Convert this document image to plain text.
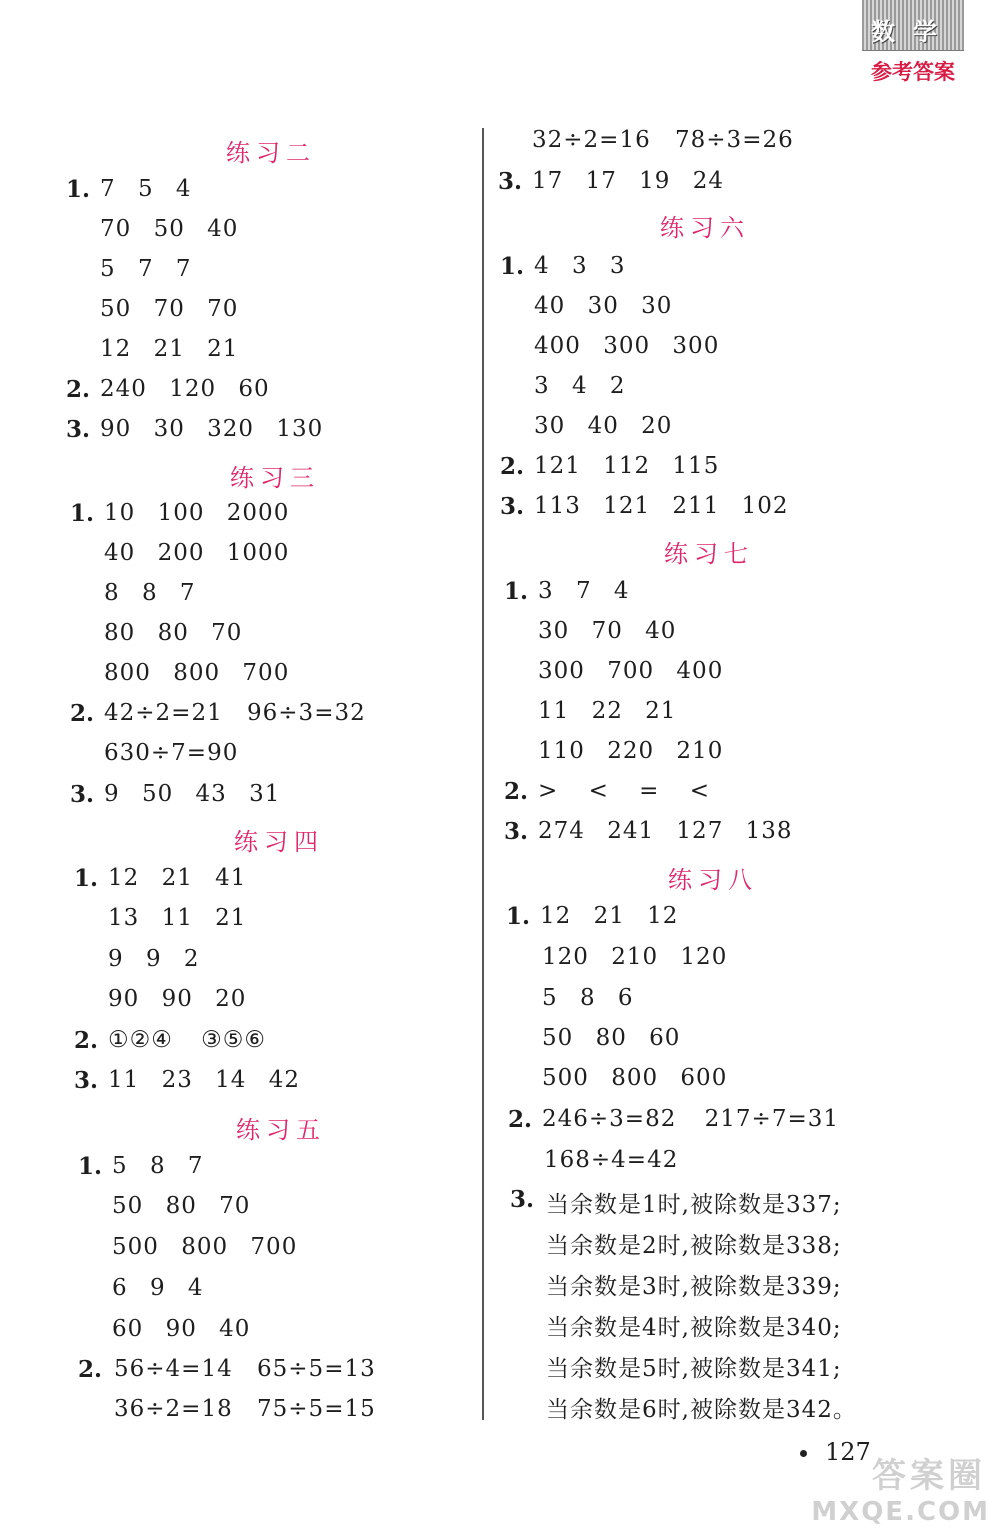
数学
参考答案
练习二
1. 7 5 4
70 50 40
5 7 7
50 70 70
12 21 21
2. 240 120 60
3. 90 30 320 130
练习三
1. 10 100 2000
40 200 1000
8 8 7
80 80 70
800 800 700
2. 42÷2=21 96÷3=32
630÷7=90
3. 9 50 43 31
练习四
1. 12 21 41
13 11 21
9 9 2
90 90 20
2. ①②④ ③⑤⑥
3. 11 23 14 42
练习五
1. 5 8 7
50 80 70
500 800 700
6 9 4
60 90 40
2. 56÷4=14 65÷5=13
36÷2=18 75÷5=15
32÷2=16 78÷3=26
3. 17 17 19 24
练习六
1. 4 3 3
40 30 30
400 300 300
3 4 2
30 40 20
2. 121 112 115
3. 113 121 211 102
练习七
1. 3 7 4
30 70 40
300 700 400
11 22 21
110 220 210
2. > < = <
3. 274 241 127 138
练习八
1. 12 21 12
120 210 120
5 8 6
50 80 60
500 800 600
2. 246÷3=82 217÷7=31
168÷4=42
3. 当余数是1时,被除数是337;
当余数是2时,被除数是338;
当余数是3时,被除数是339;
当余数是4时,被除数是340;
当余数是5时,被除数是341;
当余数是6时,被除数是342。
127
答案圈
MXQE.COM
